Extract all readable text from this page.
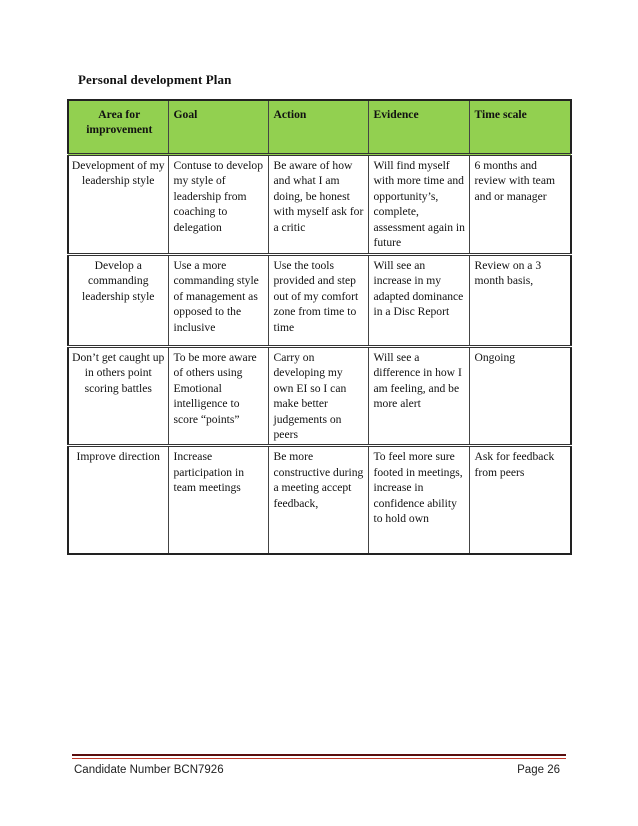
Personal development Plan
Area for improvement	Goal	Action	Evidence	Time scale
Development of my leadership style	Contuse to develop my style of leadership from coaching to delegation	Be aware of how and what I am doing, be honest with myself ask for a critic	Will find myself with more time and opportunity’s, complete, assessment again in future	6 months and review with team and or manager
Develop a commanding leadership style	Use a more commanding style of management as opposed to the inclusive	Use the tools provided and step out of my comfort zone from time to time	Will see an increase in my adapted dominance in a Disc Report	Review on a 3 month basis,
Don’t get caught up in others point scoring battles	To be more aware of others using Emotional intelligence to score “points”	Carry on developing my own EI so I can make better judgements on peers	Will see a difference in how I am feeling, and be more alert	Ongoing
Improve direction	Increase participation in team meetings	Be more constructive during a meeting accept feedback,	To feel more sure footed in meetings, increase in confidence ability to hold own	Ask for feedback from peers
Candidate Number BCN7926	Page 26
